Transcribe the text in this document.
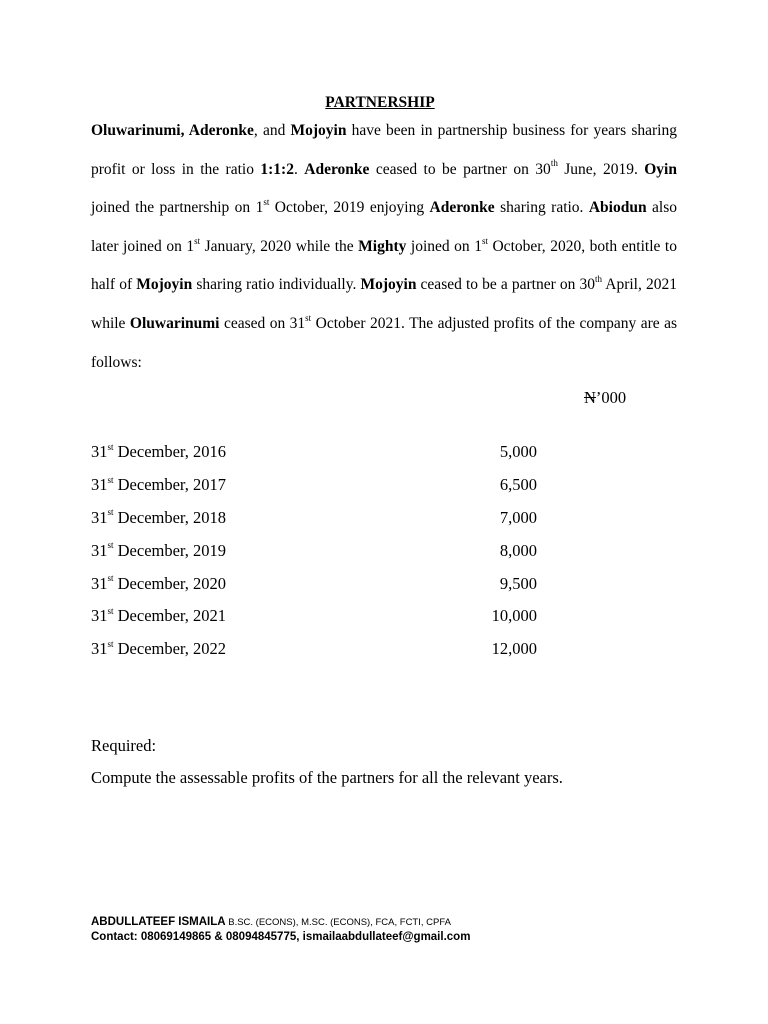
PARTNERSHIP
Oluwarinumi, Aderonke, and Mojoyin have been in partnership business for years sharing profit or loss in the ratio 1:1:2. Aderonke ceased to be partner on 30th June, 2019. Oyin joined the partnership on 1st October, 2019 enjoying Aderonke sharing ratio. Abiodun also later joined on 1st January, 2020 while the Mighty joined on 1st October, 2020, both entitle to half of Mojoyin sharing ratio individually. Mojoyin ceased to be a partner on 30th April, 2021 while Oluwarinumi ceased on 31st October 2021. The adjusted profits of the company are as follows:
N’000
31st December, 2016	5,000
31st December, 2017	6,500
31st December, 2018	7,000
31st December, 2019	8,000
31st December, 2020	9,500
31st December, 2021	10,000
31st December, 2022	12,000
Required:
Compute the assessable profits of the partners for all the relevant years.
ABDULLATEEF ISMAILA B.SC. (ECONS), M.SC. (ECONS), FCA, FCTI, CPFA
Contact: 08069149865 & 08094845775, ismailaabdullateef@gmail.com
